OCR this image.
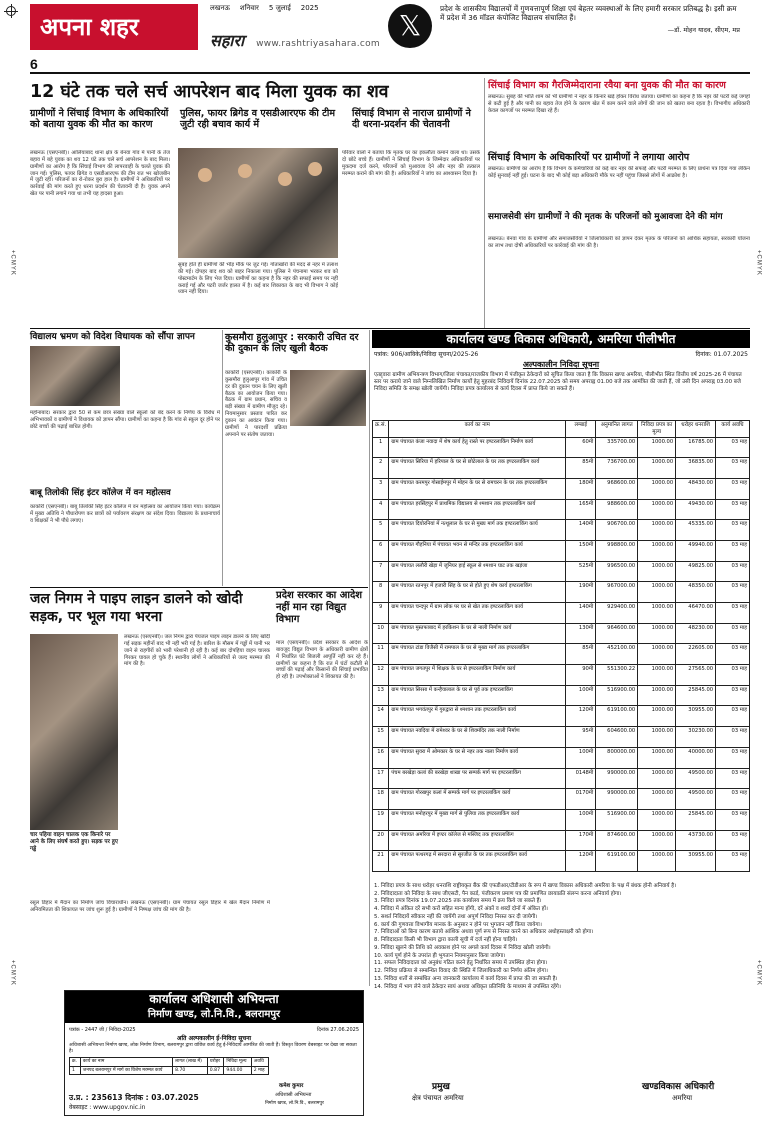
+CMYK
+CMYK
+CMYK
+CMYK
अपना शहर
6
लखनऊ शनिवार 5 जुलाई 2025
सहारा www.rashtriyasahara.com
𝕏
प्रदेश के शासकीय विद्यालयों में गुणवत्तापूर्ण शिक्षा एवं बेहतर व्यवस्थाओं के लिए हमारी सरकार प्रतिबद्ध है। इसी क्रम में प्रदेश में 36 मॉडल कंपोजिट विद्यालय संचालित हैं।
—डॉ. मोहन यादव, सीएम, मप्र
12 घंटे तक चले सर्च आपरेशन बाद मिला युवक का शव
ग्रामीणों ने सिंचाई विभाग के अधिकारियों को बताया युवक की मौत का कारण
पुलिस, फायर ब्रिगेड व एसडीआरएफ की टीम जुटी रही बचाव कार्य में
सिंचाई विभाग से नाराज ग्रामीणों ने दी धरना-प्रदर्शन की चेतावनी
लखनऊ (एसएनबी)। आलियाबाद थाना क्षेत्र के बेनवा गांव में पानी के तेज बहाव में बहे युवक का शव 12 घंटे तक चले सर्च आपरेशन के बाद मिला। ग्रामीणों का आरोप है कि सिंचाई विभाग की लापरवाही के चलते युवक की जान गई। पुलिस, फायर ब्रिगेड व एसडीआरएफ की टीम रात भर खोजबीन में जुटी रही। परिजनों का रो-रोकर बुरा हाल है। ग्रामीणों ने अधिकारियों पर कार्रवाई की मांग करते हुए धरना प्रदर्शन की चेतावनी दी है। युवक अपने खेत पर पानी लगाने गया था तभी यह हादसा हुआ।
सुबह होते ही ग्रामीणों की भीड़ मौके पर जुट गई। गोताखोरों की मदद से नहर में तलाश की गई। दोपहर बाद शव को बाहर निकाला गया। पुलिस ने पंचनामा भरकर शव को पोस्टमार्टम के लिए भेज दिया। ग्रामीणों का कहना है कि नहर की सफाई समय पर नहीं कराई गई और पटरी जर्जर हालत में है। कई बार शिकायत के बाद भी विभाग ने कोई ध्यान नहीं दिया।
परिवार वालों ने बताया कि मृतक घर का इकलौता कमाने वाला था। उसके दो छोटे बच्चे हैं। ग्रामीणों ने सिंचाई विभाग के जिम्मेदार अधिकारियों पर मुकदमा दर्ज करने, परिजनों को मुआवजा देने और नहर की तत्काल मरम्मत कराने की मांग की है। अधिकारियों ने जांच का आश्वासन दिया है।
सिंचाई विभाग का गैरजिम्मेदाराना रवैया बना युवक की मौत का कारण
लखनऊ। सुबह की भांति शाम को भी ग्रामीणों ने नहर के किनारे खड़े होकर विरोध जताया। ग्रामीणों का कहना है कि नहर की पटरी कई जगहों से कटी हुई है और पानी का बहाव तेज होने के कारण खेत में काम करने वाले लोगों की जान को खतरा बना रहता है। विभागीय अधिकारी केवल कागजों पर मरम्मत दिखा रहे हैं।
सिंचाई विभाग के अधिकारियों पर ग्रामीणों ने लगाया आरोप
लखनऊ। ग्रामीणों का आरोप है कि विभाग के कर्मचारियों को कई बार नहर की सफाई और पटरी मरम्मत के लिए प्रार्थना पत्र दिया गया लेकिन कोई सुनवाई नहीं हुई। घटना के बाद भी कोई बड़ा अधिकारी मौके पर नहीं पहुंचा जिससे लोगों में आक्रोश है।
समाजसेवी संग ग्रामीणों ने की मृतक के परिजनों को मुआवजा देने की मांग
लखनऊ। बेनवा गांव के ग्रामीणों और समाजसेवियों ने जिलाधिकारी को ज्ञापन देकर मृतक के परिजनों को आर्थिक सहायता, सरकारी योजना का लाभ तथा दोषी अधिकारियों पर कार्रवाई की मांग की है।
विद्यालय भ्रमण को विदेश विधायक को सौंपा ज्ञापन
महोनाबाद। सरकार द्वारा 50 से कम छात्र संख्या वाले स्कूलों को बंद करने के निर्णय के विरोध में अभिभावकों व ग्रामीणों ने विधायक को ज्ञापन सौंपा। ग्रामीणों का कहना है कि गांव से स्कूल दूर होने पर छोटे बच्चों की पढ़ाई बाधित होगी।
बाबू तिलोकी सिंह इंटर कॉलेज में वन महोत्सव
काकोरी (एसएनबी)। बाबू तिलोकी सिंह इंटर कॉलेज में वन महोत्सव का आयोजन किया गया। कार्यक्रम में मुख्य अतिथि ने पौधारोपण कर छात्रों को पर्यावरण संरक्षण का संदेश दिया। विद्यालय के प्रधानाचार्य व शिक्षकों ने भी पौधे लगाए।
कुसमौरा हुलुआपुर : सरकारी उचित दर की दुकान के लिए खुली बैठक
काकोरी (एसएनबी)। काकोरी के कुसमौरा हुलुआपुर गांव में उचित दर की दुकान चयन के लिए खुली बैठक का आयोजन किया गया। बैठक में ग्राम प्रधान, सचिव व बड़ी संख्या में ग्रामीण मौजूद रहे। नियमानुसार प्रस्ताव पारित कर दुकान का आवंटन किया गया। ग्रामीणों ने पारदर्शी प्रक्रिया अपनाने पर संतोष जताया।
जल निगम ने पाइप लाइन डालने को खोदी सड़क, पर भूल गया भरना
चार पहिया वाहन चालक एक किनारे पर आने के लिए संघर्ष करते हुए। सड़क पर हुए गड्ढे
लखनऊ (एसएनबी)। जल निगम द्वारा पेयजल पाइप लाइन डालने के लिए खोदी गई सड़क महीनों बाद भी नहीं भरी गई है। बारिश के मौसम में गड्ढों में पानी भर जाने से राहगीरों को भारी परेशानी हो रही है। कई बार दोपहिया वाहन चालक गिरकर घायल हो चुके हैं। स्थानीय लोगों ने अधिकारियों से जल्द मरम्मत की मांग की है।
रसूल डिहार में मैदान का निर्माण जांच विचाराधीन। लखनऊ (एसएनबी)। ग्राम पंचायत रसूल डिहार में खेल मैदान निर्माण में अनियमितता की शिकायत पर जांच शुरू हुई है। ग्रामीणों ने निष्पक्ष जांच की मांग की है।
प्रदेश सरकार का आदेश नहीं मान रहा विद्युत विभाग
माल (एसएनबी)। प्रदेश सरकार के आदेश के बावजूद विद्युत विभाग के अधिकारी ग्रामीण क्षेत्रों में निर्धारित घंटे बिजली आपूर्ति नहीं कर रहे हैं। ग्रामीणों का कहना है कि रात में घंटों कटौती से बच्चों की पढ़ाई और किसानों की सिंचाई प्रभावित हो रही है। उपभोक्ताओं ने शिकायत की है।
कार्यालय खण्ड विकास अधिकारी, अमरिया पीलीभीत
पत्रांक: 906/आविके/निविदा सूचना/2025-26	दिनांक: 01.07.2025
अल्पकालीन निविदा सूचना
एतद्द्वारा ग्रामीण अभियन्त्रण विभाग/जिला पंचायत/राजकीय विभाग में पंजीकृत ठेकेदारों को सूचित किया जाता है कि विकास खण्ड अमरिया, पीलीभीत स्थित वित्तीय वर्ष 2025-26 में पंचायत स्तर पर कराये जाने वाले निम्नलिखित निर्माण कार्यों हेतु मुहरबंद निविदायें दिनांक 22.07.2025 को समय अपराह्न 01.00 बजे तक आमंत्रित की जाती हैं, जो उसी दिन अपराह्न 03.00 बजे निविदा समिति के समक्ष खोली जायेंगी। निविदा प्रपत्र कार्यालय से कार्य दिवस में प्राप्त किये जा सकते हैं।
क्र.सं.	कार्य का नाम	लम्बाई	अनुमानित लागत	निविदा प्रपत्र का मूल्य	धरोहर धनराशि	कार्य अवधि
1	ग्राम पंचायत कंजा नवादा में शेष कार्य हेतु रास्ते पर इण्टरलाकिंग निर्माण कार्य	60मी	335700.00	1000.00	16785.00	03 माह
2	ग्राम पंचायत सिरिया में हरिपाल के घर से छोटेलाल के घर तक इण्टरलाकिंग कार्य	85मी	736700.00	1000.00	36835.00	03 माह
3	ग्राम पंचायत करमपुर गोसाईमपुर में मोहन के घर से रामचरन के घर तक इण्टरलाकिंग	180मी	968600.00	1000.00	48430.00	03 माह
4	ग्राम पंचायत हरसिंहपुर में प्राथमिक विद्यालय से श्मशान तक इण्टरलाकिंग कार्य	165मी	988600.00	1000.00	49430.00	03 माह
5	ग्राम पंचायत दियोरनियां में नत्थूलाल के घर से मुख्य मार्ग तक इण्टरलाकिंग कार्य	140मी	906700.00	1000.00	45335.00	03 माह
6	ग्राम पंचायत गौहनिया में पंचायत भवन से मन्दिर तक इण्टरलाकिंग कार्य	150मी	998800.00	1000.00	49940.00	03 माह
7	ग्राम पंचायत ललौरी खेड़ा में जूनियर हाई स्कूल से श्मशान घाट तक खड़ंजा	525मी	996500.00	1000.00	49825.00	03 माह
8	ग्राम पंचायत रतनपुर में हजारी सिंह के घर से होते हुए शेष कार्य इण्टरलाकिंग	190मी	967000.00	1000.00	48350.00	03 माह
9	ग्राम पंचायत चन्दपुर में ग्राम लोक पर घर से खेत तक इण्टरलाकिंग कार्य	140मी	929400.00	1000.00	46470.00	03 माह
10	ग्राम पंचायत मुस्तफाबाद में हरकिशन के घर से नाली निर्माण कार्य	130मी	964600.00	1000.00	48230.00	03 माह
11	ग्राम पंचायत टांडा विजैसी में रामपाल के घर से मुख्य मार्ग तक इण्टरलाकिंग	85मी	452100.00	1000.00	22605.00	03 माह
12	ग्राम पंचायत जगतपुर में शिक्षक के घर से इण्टरलाकिंग निर्माण कार्य	90मी	551300.22	1000.00	27565.00	03 माह
13	ग्राम पंचायत सिरसा में कन्हैयालाल के घर से पूर्व तक इण्टरलाकिंग	100मी	516900.00	1000.00	25845.00	03 माह
14	ग्राम पंचायत भगवंतपुर में गुरुद्वारा से श्मशान तक इण्टरलाकिंग कार्य	120मी	619100.00	1000.00	30955.00	03 माह
15	ग्राम पंचायत नवदिया में रामेश्वर के घर से शिवमंदिर तक नाली निर्माण	95मी	604600.00	1000.00	30230.00	03 माह
16	ग्राम पंचायत सुवरा में ओमकार के घर से नहर तक नाला निर्माण कार्य	100मी	800000.00	1000.00	40000.00	03 माह
17	पंचम बरखेड़ा कलां की बरखेड़ा शाखा पर सम्पर्क मार्ग पर इण्टरलाकिंग	0148मी	990000.00	1000.00	49500.00	03 माह
18	ग्राम पंचायत गोरखपुर कलां में सम्पर्क मार्ग पर इण्टरलाकिंग कार्य	0170मी	990000.00	1000.00	49500.00	03 माह
19	ग्राम पंचायत मनोहरपुर में मुख्य मार्ग से पुलिया तक इण्टरलाकिंग कार्य	100मी	516900.00	1000.00	25845.00	03 माह
20	ग्राम पंचायत अमरिया में इण्टर कॉलेज से मस्जिद तक इण्टरलाकिंग	170मी	874600.00	1000.00	43730.00	03 माह
21	ग्राम पंचायत पत्थरगढ़ में सरदारा से सुरजीत के घर तक इण्टरलाकिंग कार्य	120मी	619100.00	1000.00	30955.00	03 माह
1. निविदा प्रपत्र के साथ धरोहर धनराशि राष्ट्रीयकृत बैंक की एफडीआर/टीडीआर के रूप में खण्ड विकास अधिकारी अमरिया के पक्ष में बंधक होनी अनिवार्य है।
2. निविदादाता को निविदा के साथ जीएसटी, पैन कार्ड, पंजीकरण प्रमाण पत्र की प्रमाणित छायाप्रति संलग्न करना अनिवार्य होगा।
3. निविदा प्रपत्र दिनांक 19.07.2025 तक कार्यालय समय में क्रय किये जा सकते हैं।
4. निविदा में अंकित दरें सभी करों सहित मान्य होंगी, दरें अंकों व शब्दों दोनों में अंकित हों।
5. सशर्त निविदायें स्वीकार नहीं की जायेंगी तथा अपूर्ण निविदा निरस्त कर दी जायेगी।
6. कार्य की गुणवत्ता विभागीय मानक के अनुसार न होने पर भुगतान नहीं किया जायेगा।
7. निविदाओं को बिना कारण बताये आंशिक अथवा पूर्ण रूप से निरस्त करने का अधिकार अधोहस्ताक्षरी को होगा।
8. निविदादाता किसी भी विभाग द्वारा काली सूची में दर्ज नहीं होना चाहिये।
9. निविदा खुलने की तिथि को अवकाश होने पर अगले कार्य दिवस में निविदा खोली जायेगी।
10. कार्य पूर्ण होने के उपरांत ही भुगतान नियमानुसार किया जायेगा।
11. सफल निविदादाता को अनुबंध गठित करने हेतु निर्धारित समय में उपस्थित होना होगा।
12. निविदा प्रक्रिया से सम्बन्धित विवाद की स्थिति में जिलाधिकारी का निर्णय अंतिम होगा।
13. निविदा शर्तों से सम्बंधित अन्य जानकारी कार्यालय में कार्य दिवस में प्राप्त की जा सकती है।
14. निविदा में भाग लेने वाले ठेकेदार स्वयं अथवा अधिकृत प्रतिनिधि के माध्यम से उपस्थित रहेंगे।
प्रमुख
क्षेत्र पंचायत अमरिया
खण्डविकास अधिकारी
अमरिया
कार्यालय अधिशासी अभियन्ता
निर्माण खण्ड, लो.नि.वि., बलरामपुर
पत्रांक - 2447 जी / निविदा-2025	दिनांक 27.06.2025
अति अल्पकालीन ई-निविदा सूचना
अधिशासी अभियन्ता निर्माण खण्ड, लोक निर्माण विभाग, बलरामपुर द्वारा वांछित कार्य हेतु ई-निविदायें आमंत्रित की जाती हैं। विस्तृत विवरण वेबसाइट पर देखा जा सकता है।
क्र.	कार्य का नाम	लागत (लाख में)	धरोहर	निविदा मूल्य	अवधि
1	जनपद बलरामपुर में मार्ग का विशेष मरम्मत कार्य	8.70	0.87	944.00	2 माह
उ.प्र. : 235613 दिनांक : 03.07.2025
वेबसाइट : www.upgov.nic.in
कमेश कुमार
अधिशासी अभियन्ता
निर्माण खण्ड, लो.नि.वि., बलरामपुर
